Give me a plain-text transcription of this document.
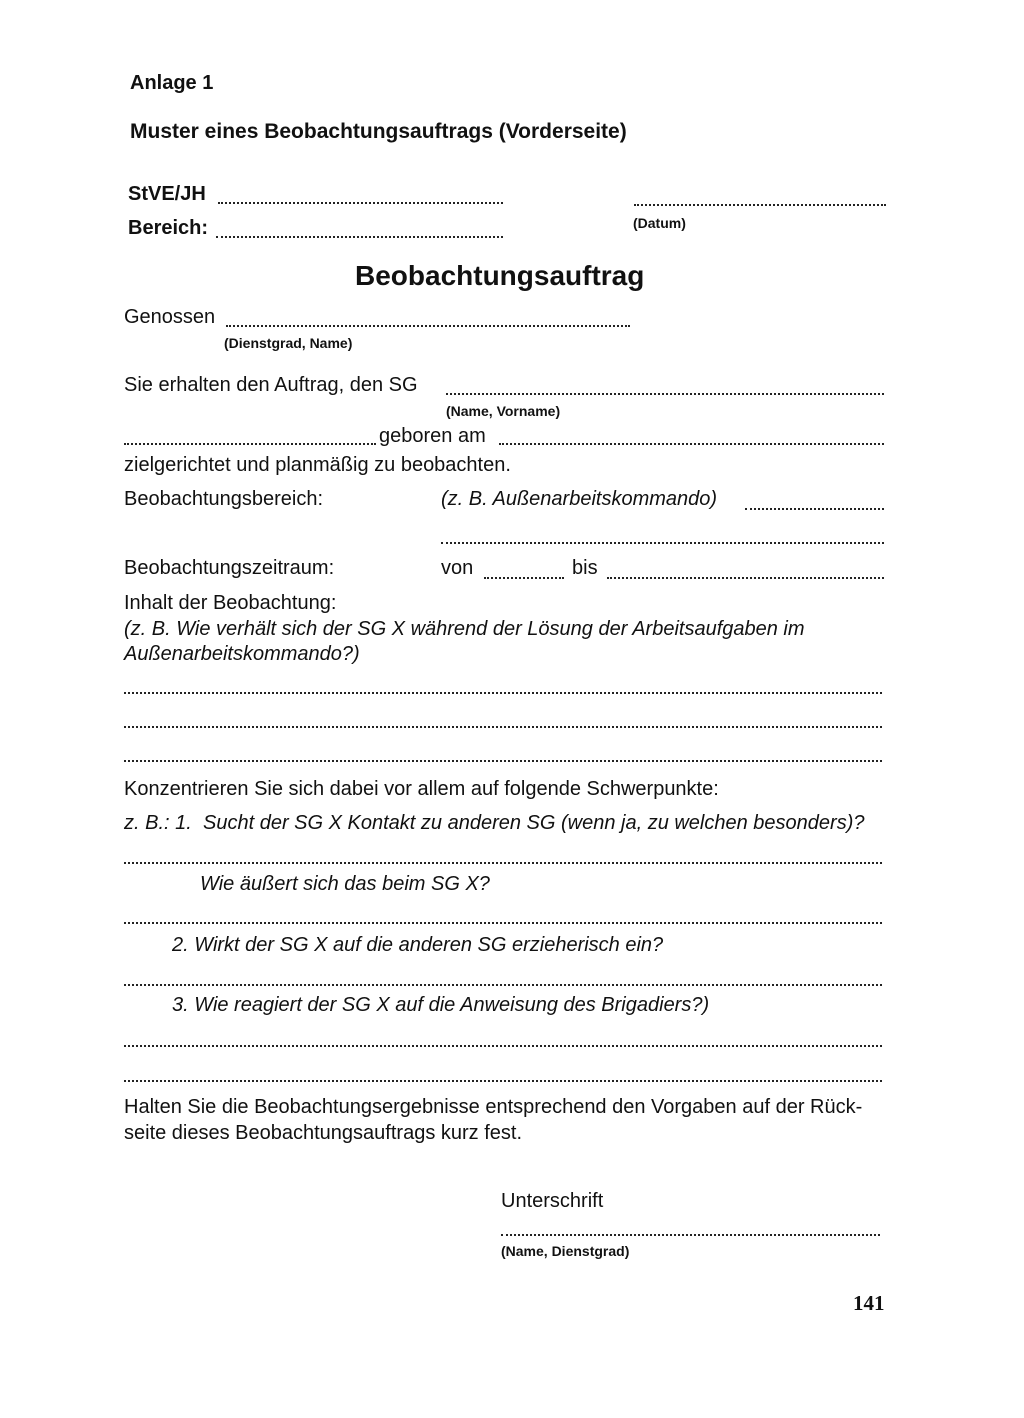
Anlage 1
Muster eines Beobachtungsauftrags (Vorderseite)
StVE/JH
Bereich:	(Datum)
Beobachtungsauftrag
Genossen
(Dienstgrad, Name)
Sie erhalten den Auftrag, den SG
(Name, Vorname)
geboren am
zielgerichtet und planmäßig zu beobachten.
Beobachtungsbereich:	(z. B. Außenarbeitskommando)
Beobachtungszeitraum:	von	bis
Inhalt der Beobachtung:
(z. B. Wie verhält sich der SG X während der Lösung der Arbeitsaufgaben im
Außenarbeitskommando?)
Konzentrieren Sie sich dabei vor allem auf folgende Schwerpunkte:
z. B.: 1. Sucht der SG X Kontakt zu anderen SG (wenn ja, zu welchen besonders)?
Wie äußert sich das beim SG X?
2. Wirkt der SG X auf die anderen SG erzieherisch ein?
3. Wie reagiert der SG X auf die Anweisung des Brigadiers?)
Halten Sie die Beobachtungsergebnisse entsprechend den Vorgaben auf der Rück-
seite dieses Beobachtungsauftrags kurz fest.
Unterschrift
(Name, Dienstgrad)
141
